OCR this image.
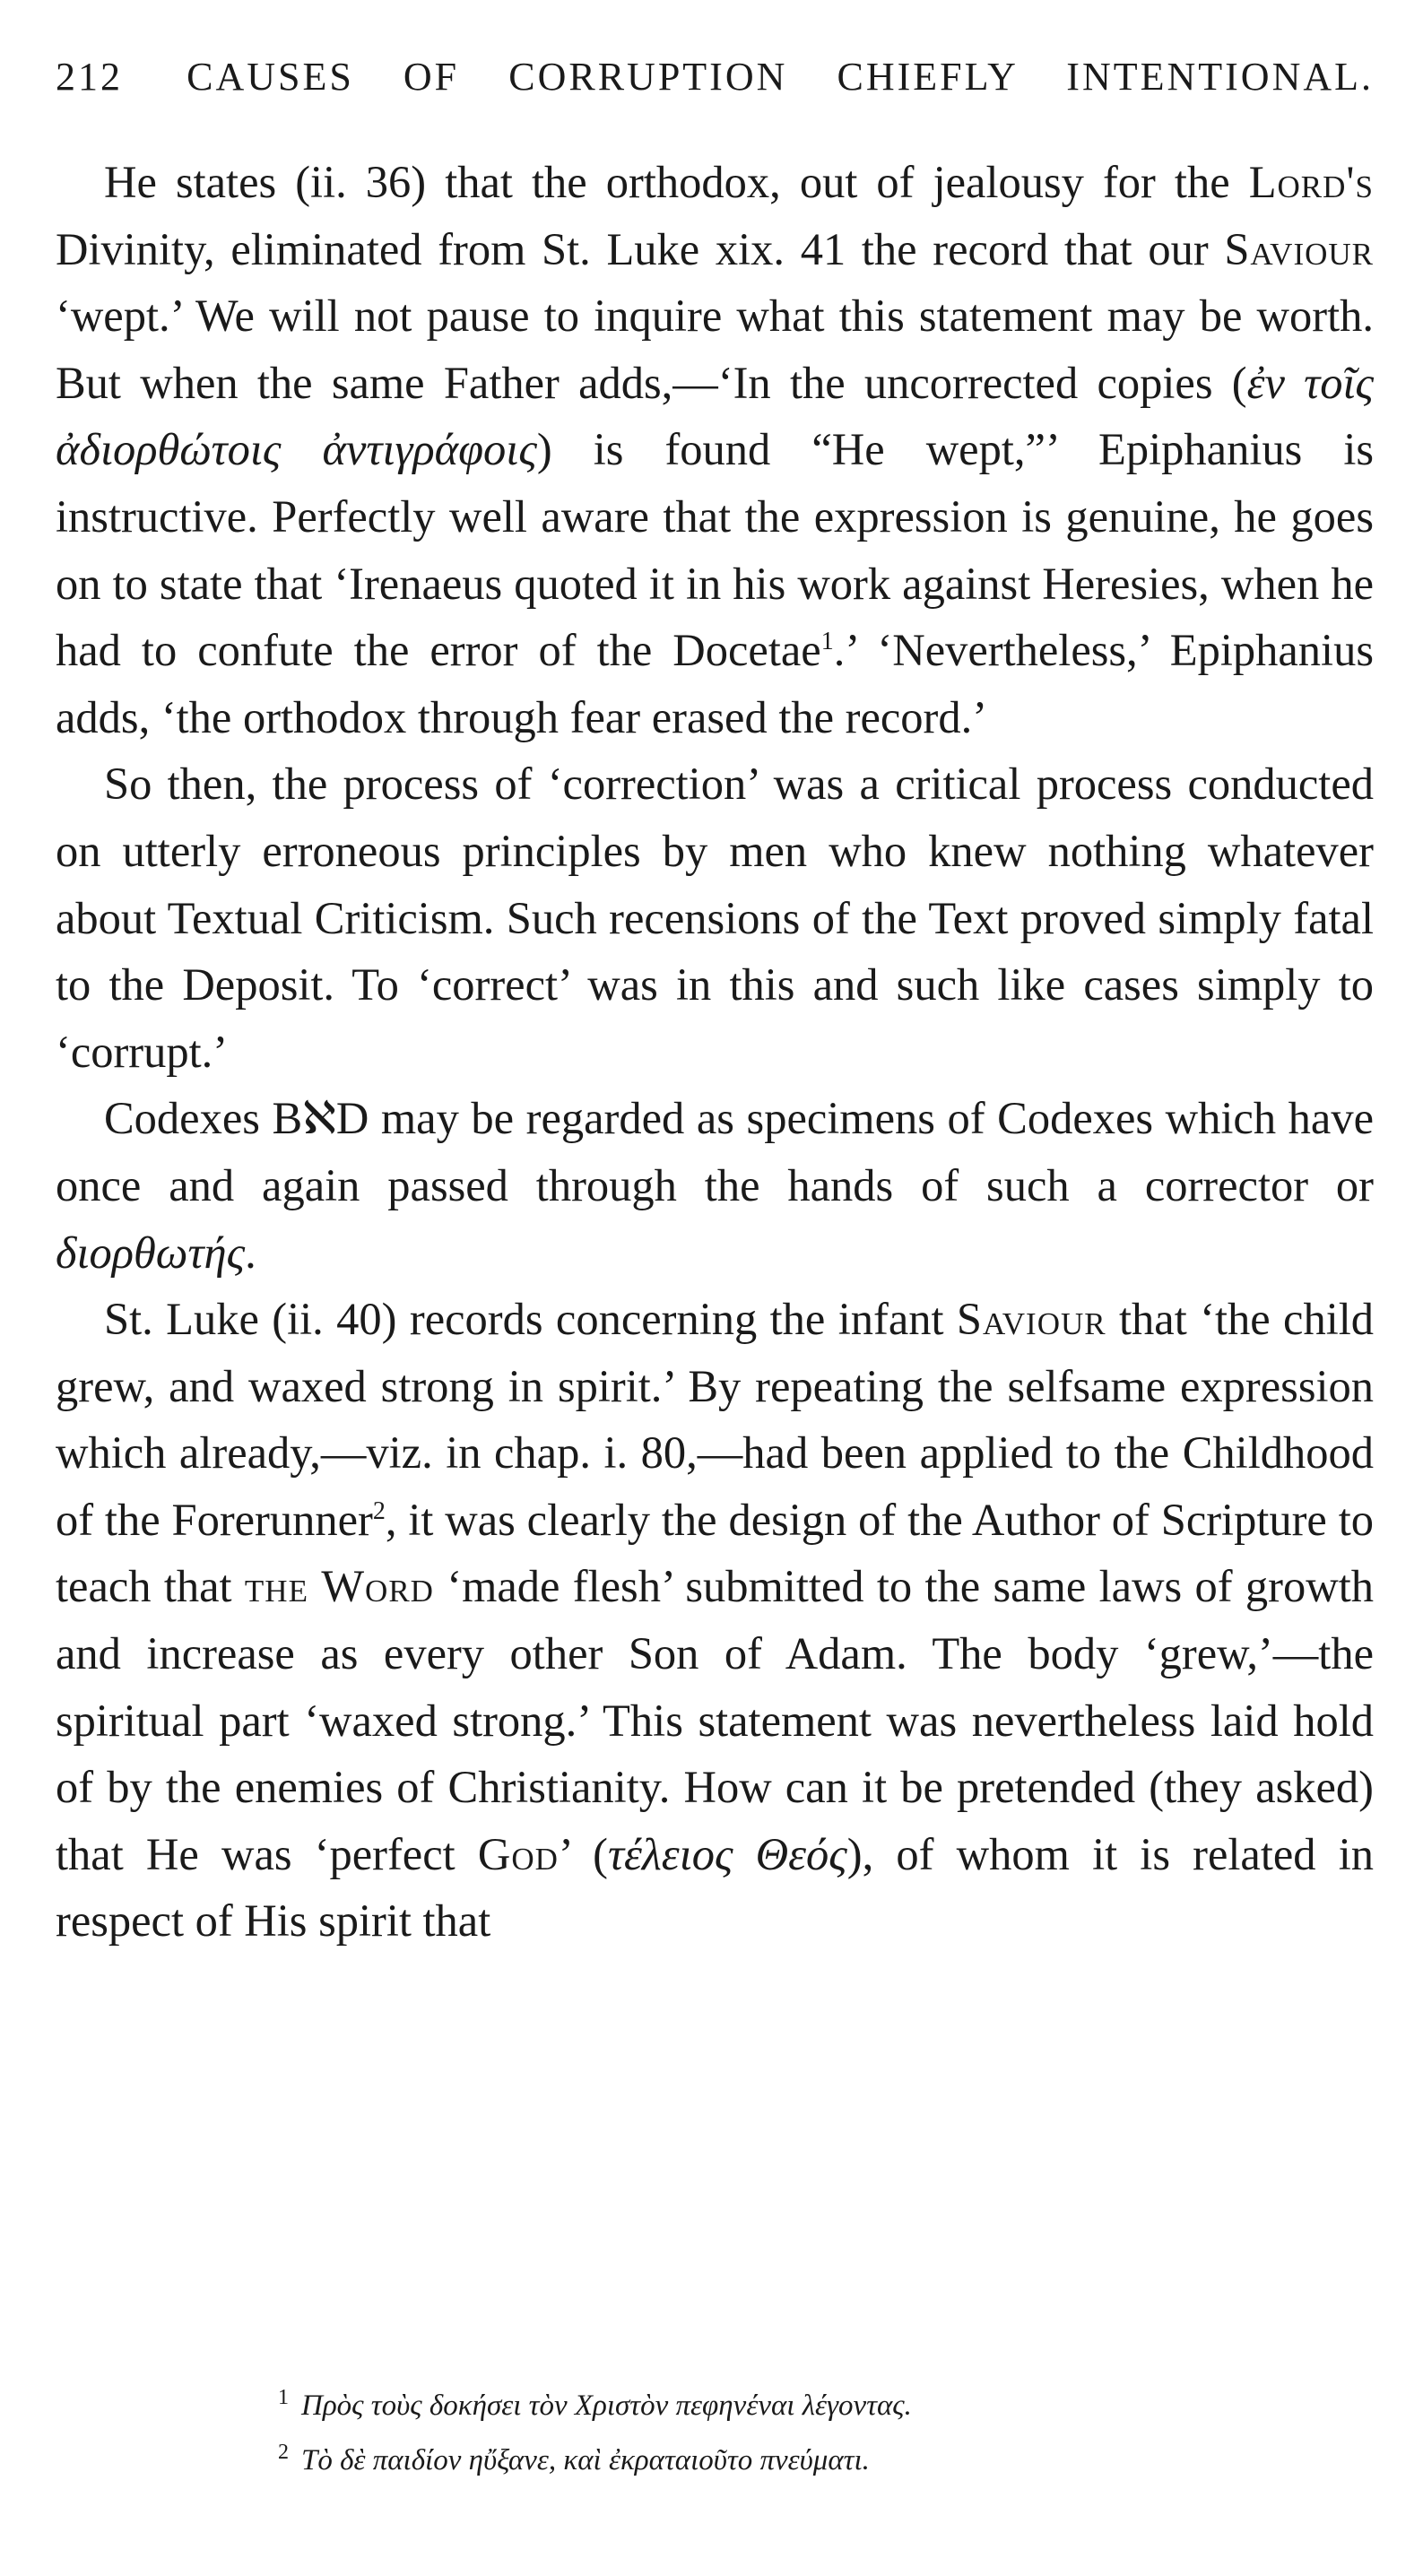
212 CAUSES OF CORRUPTION CHIEFLY INTENTIONAL.

He states (ii. 36) that the orthodox, out of jealousy for the Lord's Divinity, eliminated from St. Luke xix. 41 the record that our Saviour ‘wept.’ We will not pause to inquire what this statement may be worth. But when the same Father adds,—‘In the uncorrected copies (ἐν τοῖς ἀδιορθώτοις ἀντιγράφοις) is found “He wept,”’ Epiphanius is instructive. Perfectly well aware that the expression is genuine, he goes on to state that ‘Irenaeus quoted it in his work against Heresies, when he had to confute the error of the Docetae$^1$.’ ‘Nevertheless,’ Epiphanius adds, ‘the orthodox through fear erased the record.’

So then, the process of ‘correction’ was a critical process conducted on utterly erroneous principles by men who knew nothing whatever about Textual Criticism. Such recensions of the Text proved simply fatal to the Deposit. To ‘correct’ was in this and such like cases simply to ‘corrupt.’

Codexes BℵD may be regarded as specimens of Codexes which have once and again passed through the hands of such a corrector or διορθωτής.

St. Luke (ii. 40) records concerning the infant Saviour that ‘the child grew, and waxed strong in spirit.’ By repeating the selfsame expression which already,—viz. in chap. i. 80,—had been applied to the Childhood of the Forerunner$^2$, it was clearly the design of the Author of Scripture to teach that the Word ‘made flesh’ submitted to the same laws of growth and increase as every other Son of Adam. The body ‘grew,’—the spiritual part ‘waxed strong.’ This statement was nevertheless laid hold of by the enemies of Christianity. How can it be pretended (they asked) that He was ‘perfect God’ (τέλειος Θεός), of whom it is related in respect of His spirit that

$^1$ Πρὸς τοὺς δοκήσει τὸν Χριστὸν πεφηνέναι λέγοντας.

$^2$ Τὸ δὲ παιδίον ηὔξανε, καὶ ἐκραταιοῦτο πνεύματι.
